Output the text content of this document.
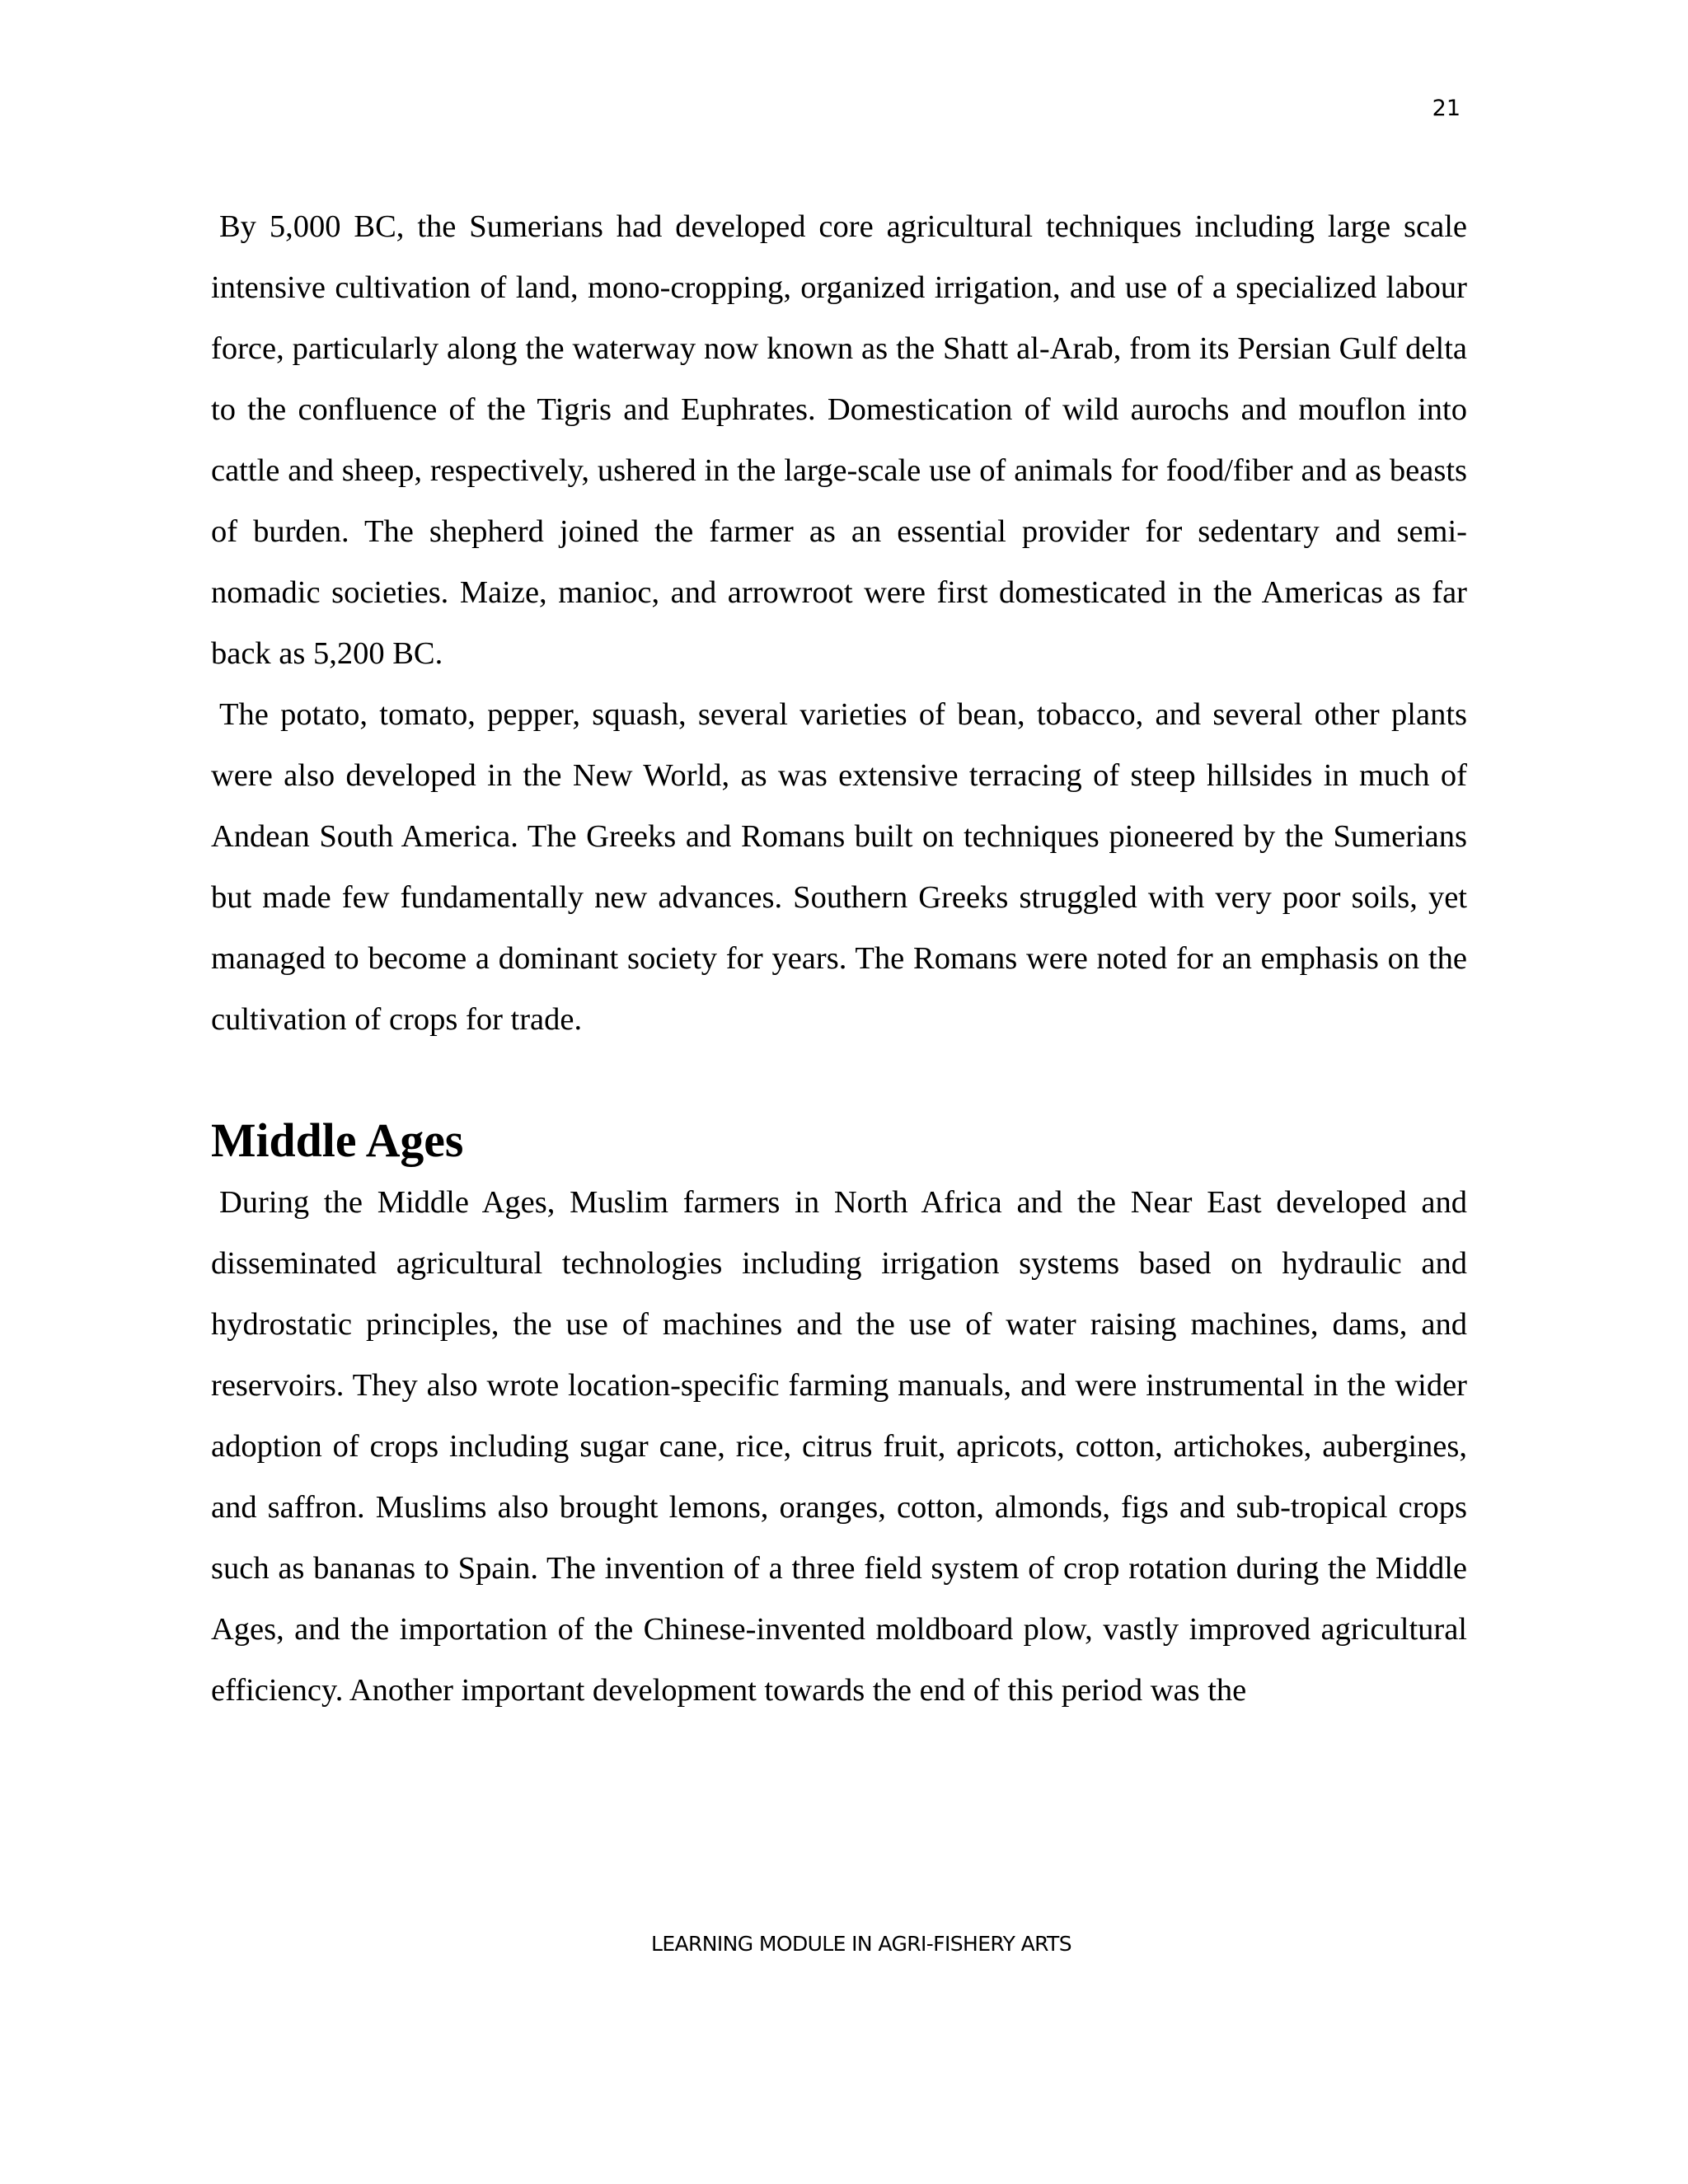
21

By 5,000 BC, the Sumerians had developed core agricultural techniques including large scale intensive cultivation of land, mono-cropping, organized irrigation, and use of a specialized labour force, particularly along the waterway now known as the Shatt al-Arab, from its Persian Gulf delta to the confluence of the Tigris and Euphrates. Domestication of wild aurochs and mouflon into cattle and sheep, respectively, ushered in the large-scale use of animals for food/fiber and as beasts of burden. The shepherd joined the farmer as an essential provider for sedentary and semi-nomadic societies. Maize, manioc, and arrowroot were first domesticated in the Americas as far back as 5,200 BC.

The potato, tomato, pepper, squash, several varieties of bean, tobacco, and several other plants were also developed in the New World, as was extensive terracing of steep hillsides in much of Andean South America. The Greeks and Romans built on techniques pioneered by the Sumerians but made few fundamentally new advances. Southern Greeks struggled with very poor soils, yet managed to become a dominant society for years. The Romans were noted for an emphasis on the cultivation of crops for trade.

Middle Ages

During the Middle Ages, Muslim farmers in North Africa and the Near East developed and disseminated agricultural technologies including irrigation systems based on hydraulic and hydrostatic principles, the use of machines and the use of water raising machines, dams, and reservoirs. They also wrote location-specific farming manuals, and were instrumental in the wider adoption of crops including sugar cane, rice, citrus fruit, apricots, cotton, artichokes, aubergines, and saffron. Muslims also brought lemons, oranges, cotton, almonds, figs and sub-tropical crops such as bananas to Spain. The invention of a three field system of crop rotation during the Middle Ages, and the importation of the Chinese-invented moldboard plow, vastly improved agricultural efficiency. Another important development towards the end of this period was the

LEARNING MODULE IN AGRI-FISHERY ARTS
